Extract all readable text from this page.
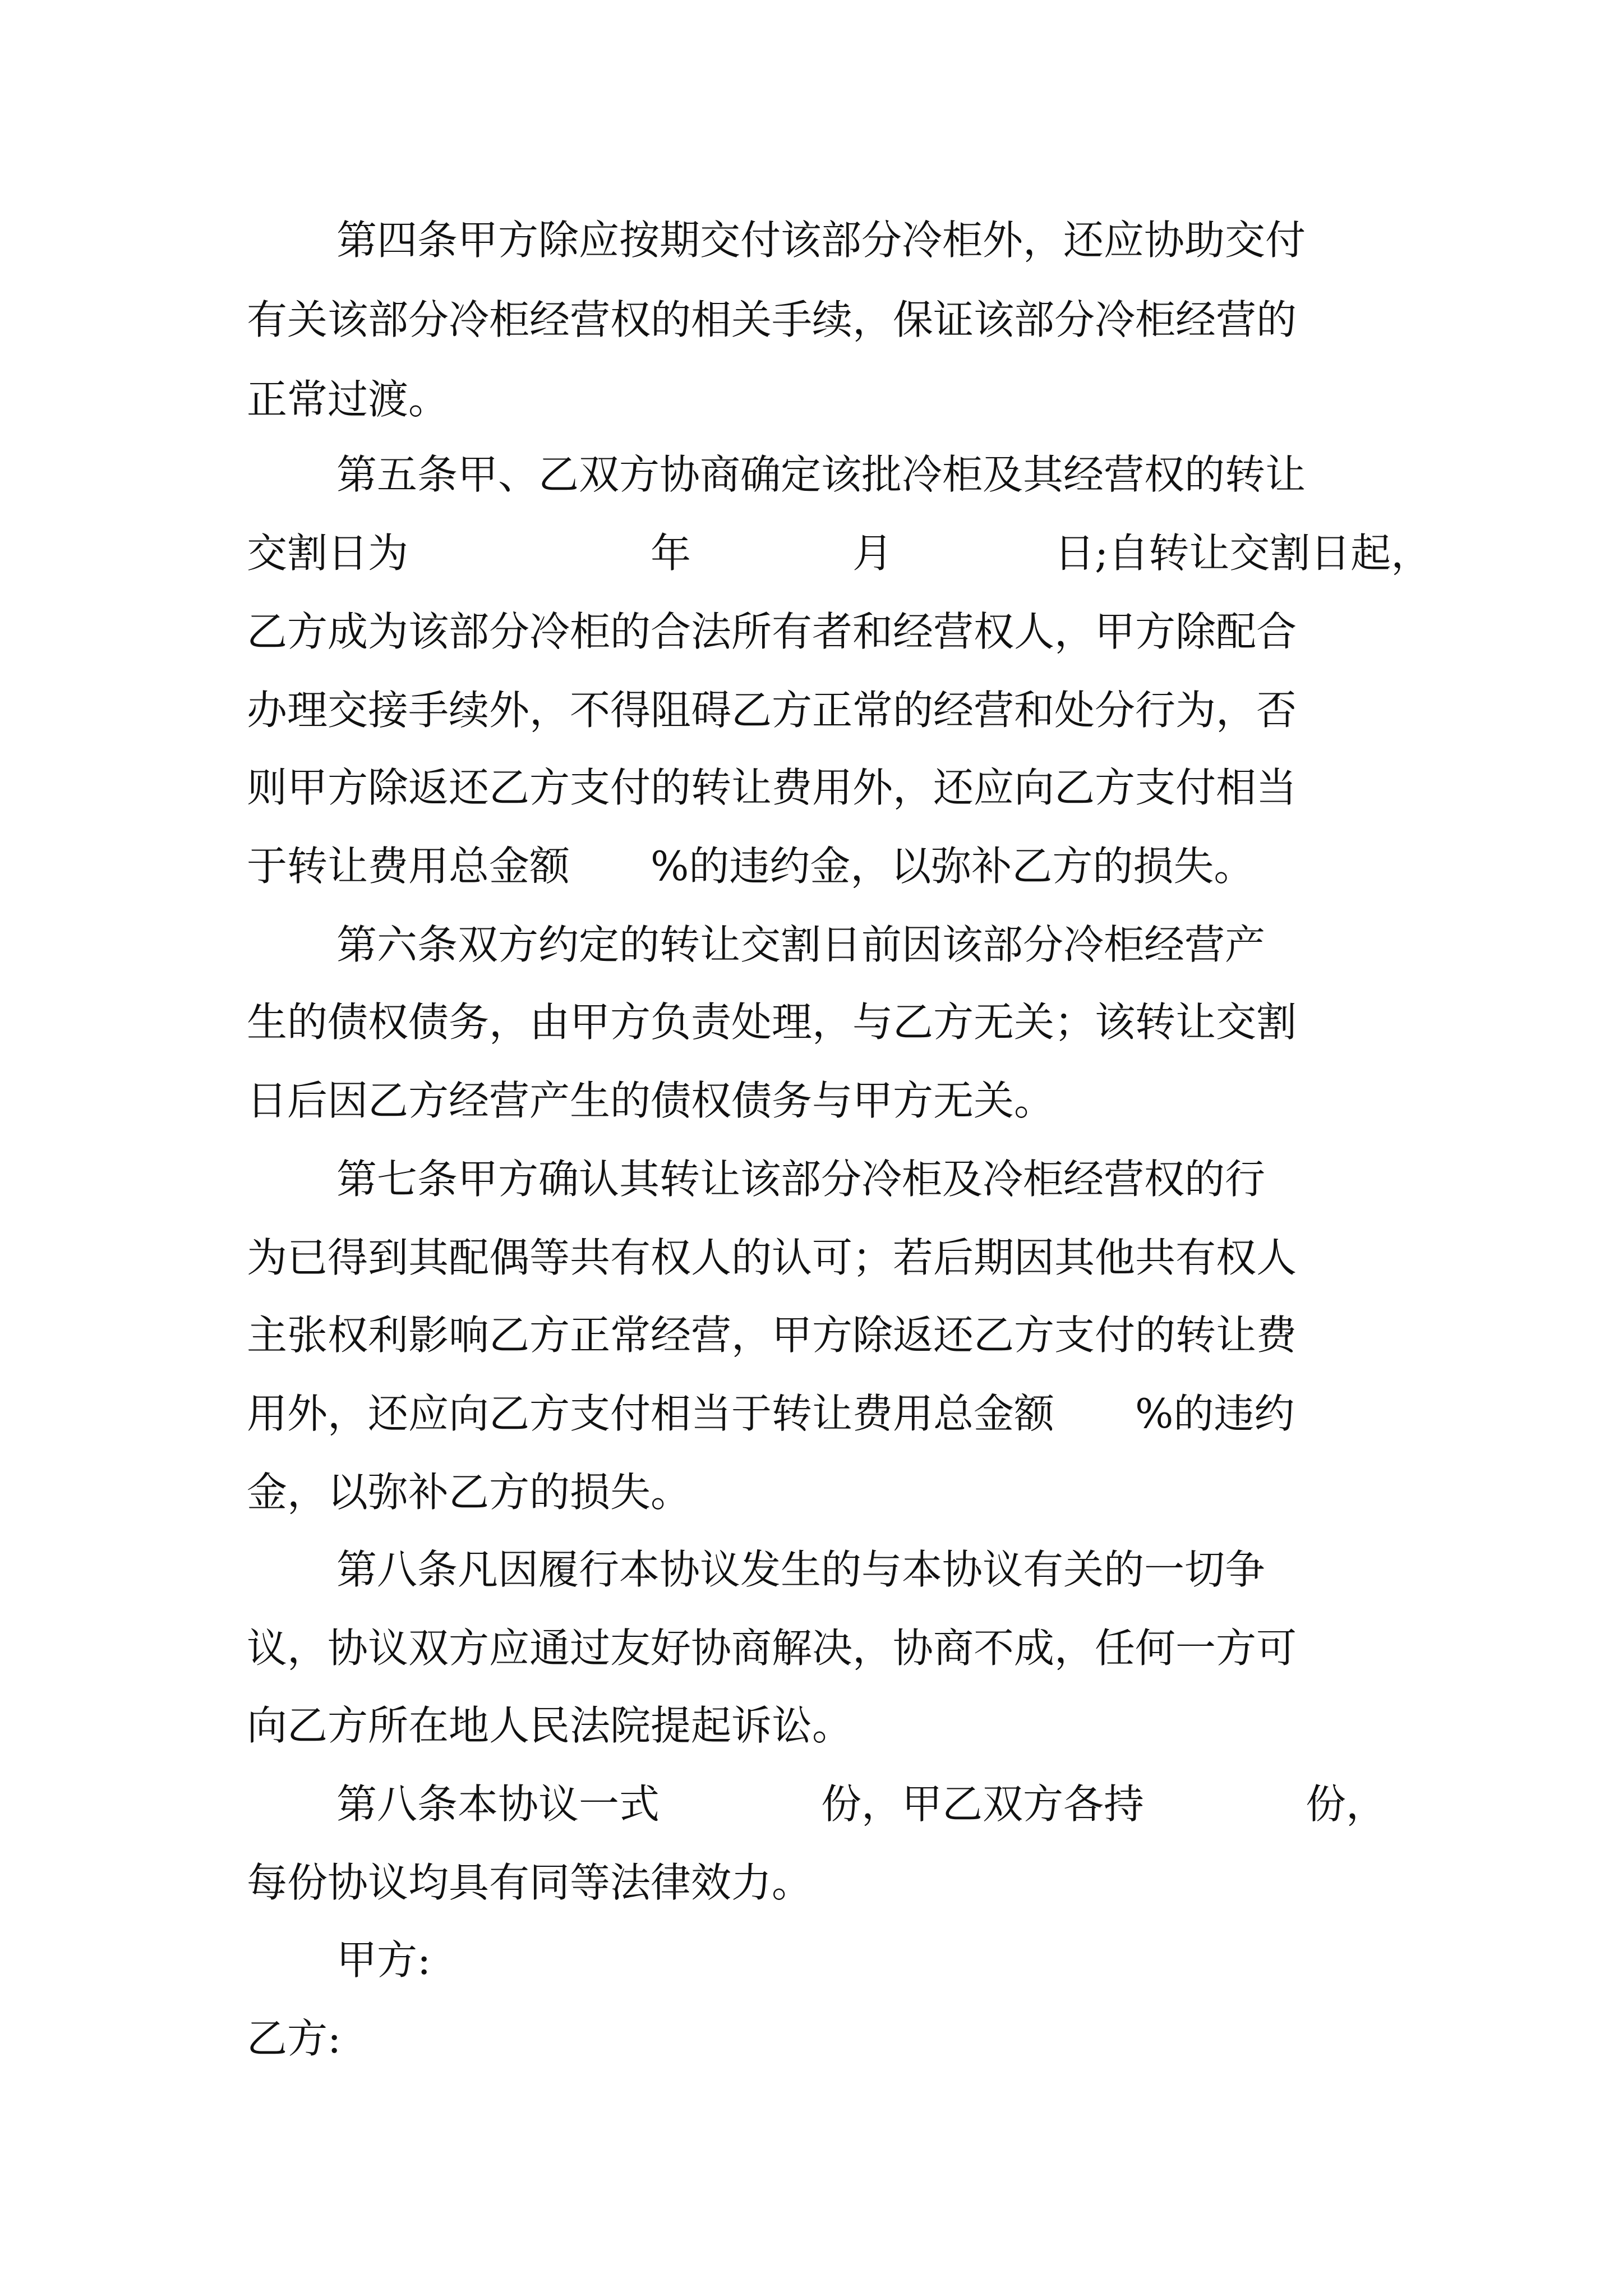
第四条甲方除应按期交付该部分冷柜外，还应协助交付
有关该部分冷柜经营权的相关手续，保证该部分冷柜经营的
正常过渡。
第五条甲、乙双方协商确定该批冷柜及其经营权的转让
交割日为　　　　　　年　　　　月　　　　日;自转让交割日起，
乙方成为该部分冷柜的合法所有者和经营权人，甲方除配合
办理交接手续外，不得阻碍乙方正常的经营和处分行为，否
则甲方除返还乙方支付的转让费用外，还应向乙方支付相当
于转让费用总金额　　%的违约金，以弥补乙方的损失。
第六条双方约定的转让交割日前因该部分冷柜经营产
生的债权债务，由甲方负责处理，与乙方无关；该转让交割
日后因乙方经营产生的债权债务与甲方无关。
第七条甲方确认其转让该部分冷柜及冷柜经营权的行
为已得到其配偶等共有权人的认可；若后期因其他共有权人
主张权利影响乙方正常经营，甲方除返还乙方支付的转让费
用外，还应向乙方支付相当于转让费用总金额　　%的违约
金，以弥补乙方的损失。
第八条凡因履行本协议发生的与本协议有关的一切争
议，协议双方应通过友好协商解决，协商不成，任何一方可
向乙方所在地人民法院提起诉讼。
第八条本协议一式　　　　份，甲乙双方各持　　　　份，
每份协议均具有同等法律效力。
甲方:
乙方:
